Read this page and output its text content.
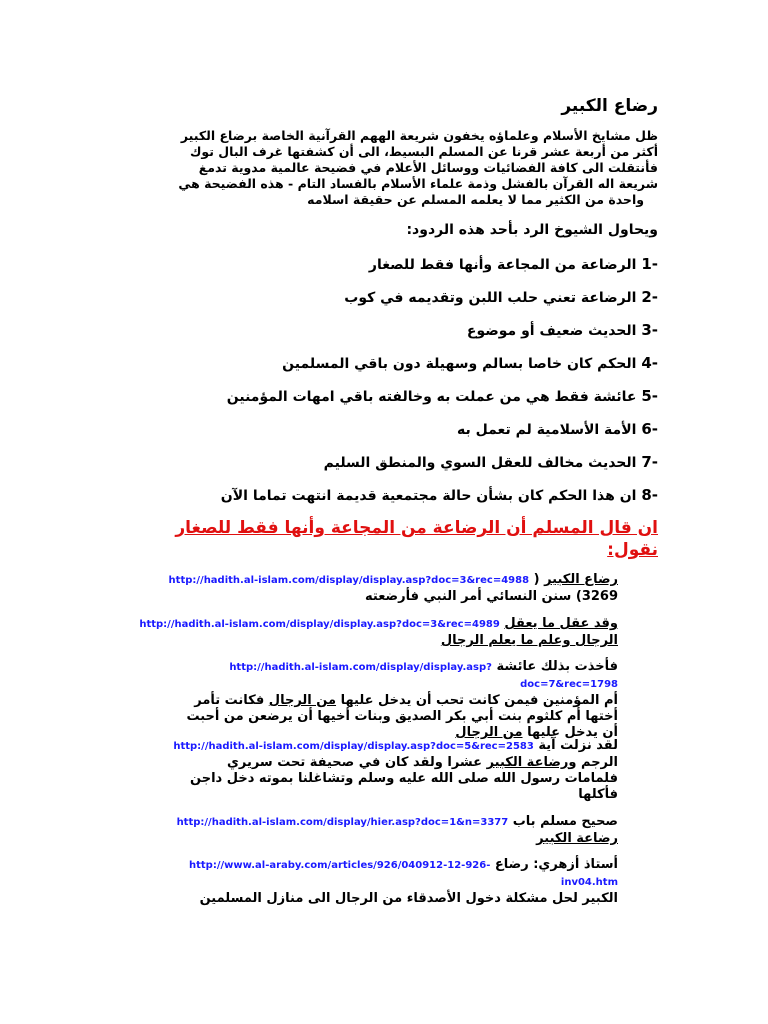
رضاع الكبير
ظل مشايخ الأسلام وعلماؤه يخفون شريعة الههم القرآنية الخاصة برضاع الكبير
أكثر من أربعة عشر قرنا عن المسلم البسيط، الى أن كشفتها غرف البال توك
فأنتقلت الى كافة الفضائيات ووسائل الأعلام في فضيحة عالمية مدوية تدمغ
شريعة اله القرآن بالفشل وذمة علماء الأسلام بالفساد التام - هذه الفضيحة هي
واحدة من الكثير مما لا يعلمه المسلم عن حقيقة اسلامه
ويحاول الشيوخ الرد بأحد هذه الردود:
-1 الرضاعة من المجاعة وأنها فقط للصغار
-2 الرضاعة تعني حلب اللبن وتقديمه في كوب
-3 الحديث ضعيف أو موضوع
-4 الحكم كان خاصا بسالم وسهيلة دون باقي المسلمين
-5 عائشة فقط هي من عملت به وخالفته باقي امهات المؤمنين
-6 الأمة الأسلامية لم تعمل به
-7 الحديث مخالف للعقل السوي والمنطق السليم
-8 ان هذا الحكم كان بشأن حالة مجتمعية قديمة انتهت تماما الآن
ان قال المسلم أن الرضاعة من المجاعة وأنها فقط للصغار
نقول:
رضاع الكبير ( http://hadith.al-islam.com/display/display.asp?doc=3&rec=4988
3269) سنن النسائي أمر النبي فأرضعته
وقد عقل ما يعقل http://hadith.al-islam.com/display/display.asp?doc=3&rec=4989
الرجال وعلم ما يعلم الرجال
فأخذت بذلك عائشة http://hadith.al-islam.com/display/display.asp?doc=7&rec=1798
أم المؤمنين فيمن كانت تحب أن يدخل عليها من الرجال فكانت تأمر
أختها أم كلثوم بنت أبي بكر الصديق وبنات أخيها أن يرضعن من أحبت
أن يدخل عليها من الرجال
لقد نزلت آية http://hadith.al-islam.com/display/display.asp?doc=5&rec=2583
الرجم ورضاعة الكبير عشرا ولقد كان في صحيفة تحت سريري
فلمامات رسول الله صلى الله عليه وسلم وتشاغلنا بموته دخل داجن
فأكلها
صحيح مسلم باب http://hadith.al-islam.com/display/hier.asp?doc=1&n=3377
رضاعة الكبير
أستاذ أزهري: رضاع http://www.al-araby.com/articles/926/040912-12-926-inv04.htm
الكبير لحل مشكلة دخول الأصدقاء من الرجال الى منازل المسلمين
